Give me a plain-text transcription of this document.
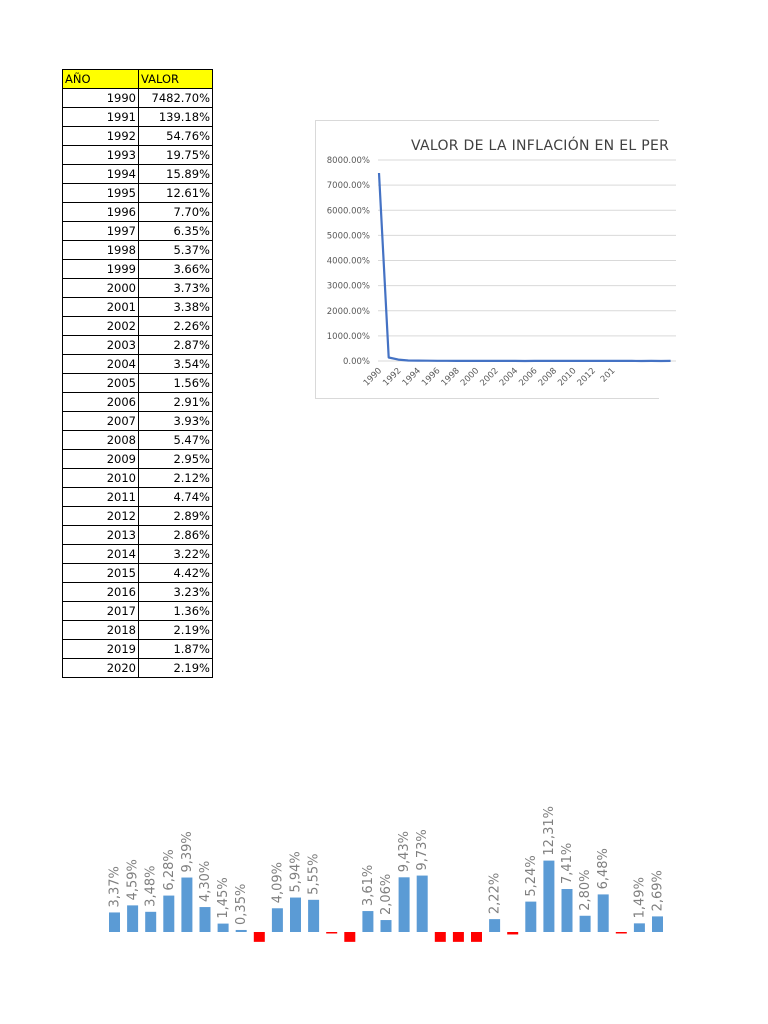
AÑO	VALOR
1990	7482.70%
1991	139.18%
1992	54.76%
1993	19.75%
1994	15.89%
1995	12.61%
1996	7.70%
1997	6.35%
1998	5.37%
1999	3.66%
2000	3.73%
2001	3.38%
2002	2.26%
2003	2.87%
2004	3.54%
2005	1.56%
2006	2.91%
2007	3.93%
2008	5.47%
2009	2.95%
2010	2.12%
2011	4.74%
2012	2.89%
2013	2.86%
2014	3.22%
2015	4.42%
2016	3.23%
2017	1.36%
2018	2.19%
2019	1.87%
2020	2.19%
VALOR DE LA INFLACIÓN EN EL PER
0.00%
1000.00%
2000.00%
3000.00%
4000.00%
5000.00%
6000.00%
7000.00%
8000.00%
1990
1992
1994
1996
1998
2000
2002
2004
2006
2008
2010
2012 201
3,37% 4,59% 3,48% 6,28% 9,39%
4,30% 1,45% 0,35%
4,09% 5,94% 5,55%	3,61% 2,06%
9,43% 9,73%
2,22% 5,24%
12,31%
7,41%
2,80%
6,48%
1,49% 2,69%
